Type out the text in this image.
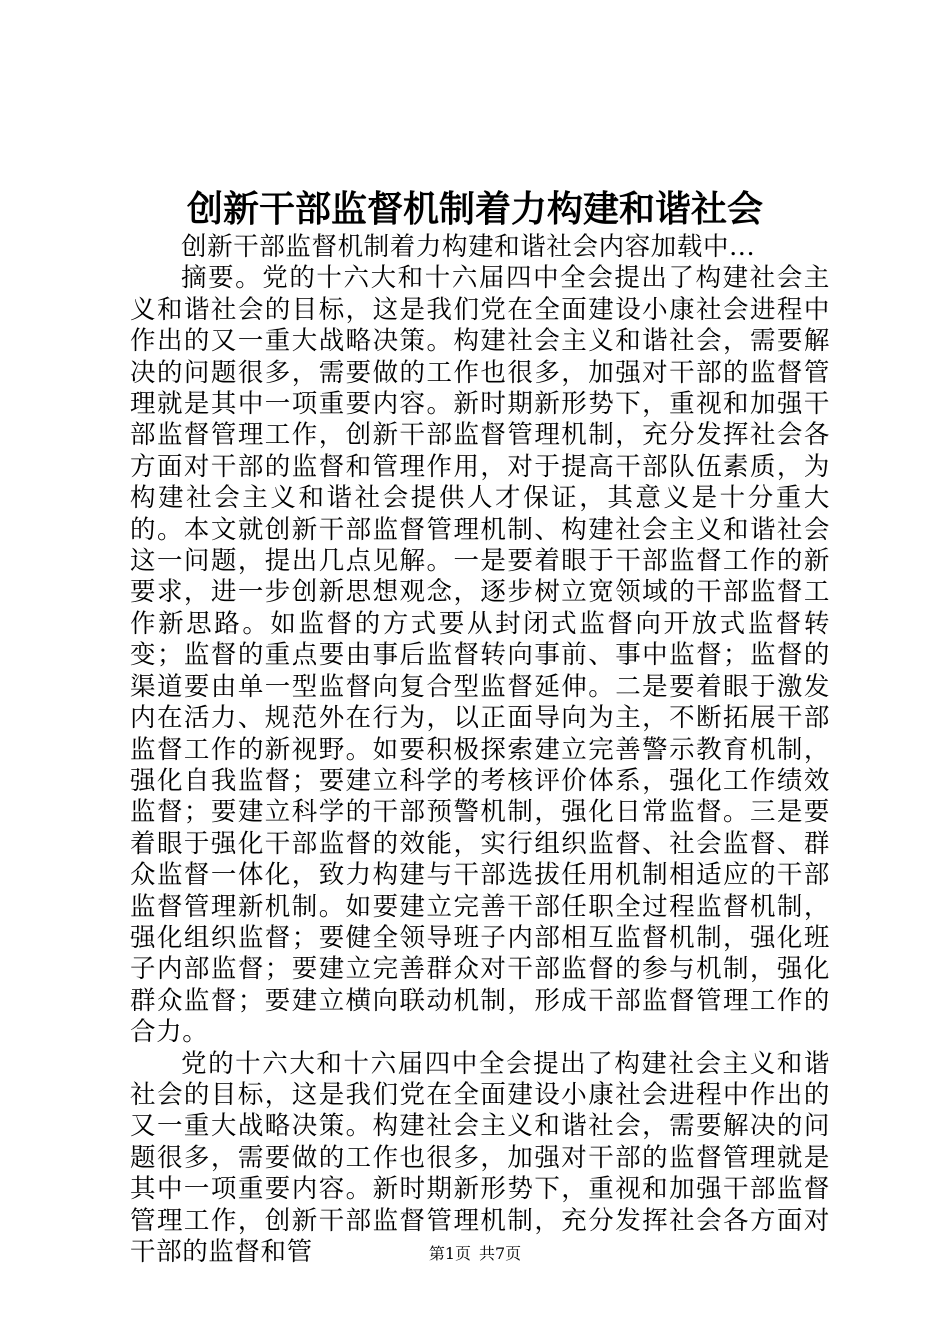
创新干部监督机制着力构建和谐社会

创新干部监督机制着力构建和谐社会内容加载中...

摘要。党的十六大和十六届四中全会提出了构建社会主义和谐社会的目标，这是我们党在全面建设小康社会进程中作出的又一重大战略决策。构建社会主义和谐社会，需要解决的问题很多，需要做的工作也很多，加强对干部的监督管理就是其中一项重要内容。新时期新形势下，重视和加强干部监督管理工作，创新干部监督管理机制，充分发挥社会各方面对干部的监督和管理作用，对于提高干部队伍素质，为构建社会主义和谐社会提供人才保证，其意义是十分重大的。本文就创新干部监督管理机制、构建社会主义和谐社会这一问题，提出几点见解。一是要着眼于干部监督工作的新要求，进一步创新思想观念，逐步树立宽领域的干部监督工作新思路。如监督的方式要从封闭式监督向开放式监督转变；监督的重点要由事后监督转向事前、事中监督；监督的渠道要由单一型监督向复合型监督延伸。二是要着眼于激发内在活力、规范外在行为，以正面导向为主，不断拓展干部监督工作的新视野。如要积极探索建立完善警示教育机制，强化自我监督；要建立科学的考核评价体系，强化工作绩效监督；要建立科学的干部预警机制，强化日常监督。三是要着眼于强化干部监督的效能，实行组织监督、社会监督、群众监督一体化，致力构建与干部选拔任用机制相适应的干部监督管理新机制。如要建立完善干部任职全过程监督机制，强化组织监督；要健全领导班子内部相互监督机制，强化班子内部监督；要建立完善群众对干部监督的参与机制，强化群众监督；要建立横向联动机制，形成干部监督管理工作的合力。

党的十六大和十六届四中全会提出了构建社会主义和谐社会的目标，这是我们党在全面建设小康社会进程中作出的又一重大战略决策。构建社会主义和谐社会，需要解决的问题很多，需要做的工作也很多，加强对干部的监督管理就是其中一项重要内容。新时期新形势下，重视和加强干部监督管理工作，创新干部监督管理机制，充分发挥社会各方面对干部的监督和管	第1页 共7页
